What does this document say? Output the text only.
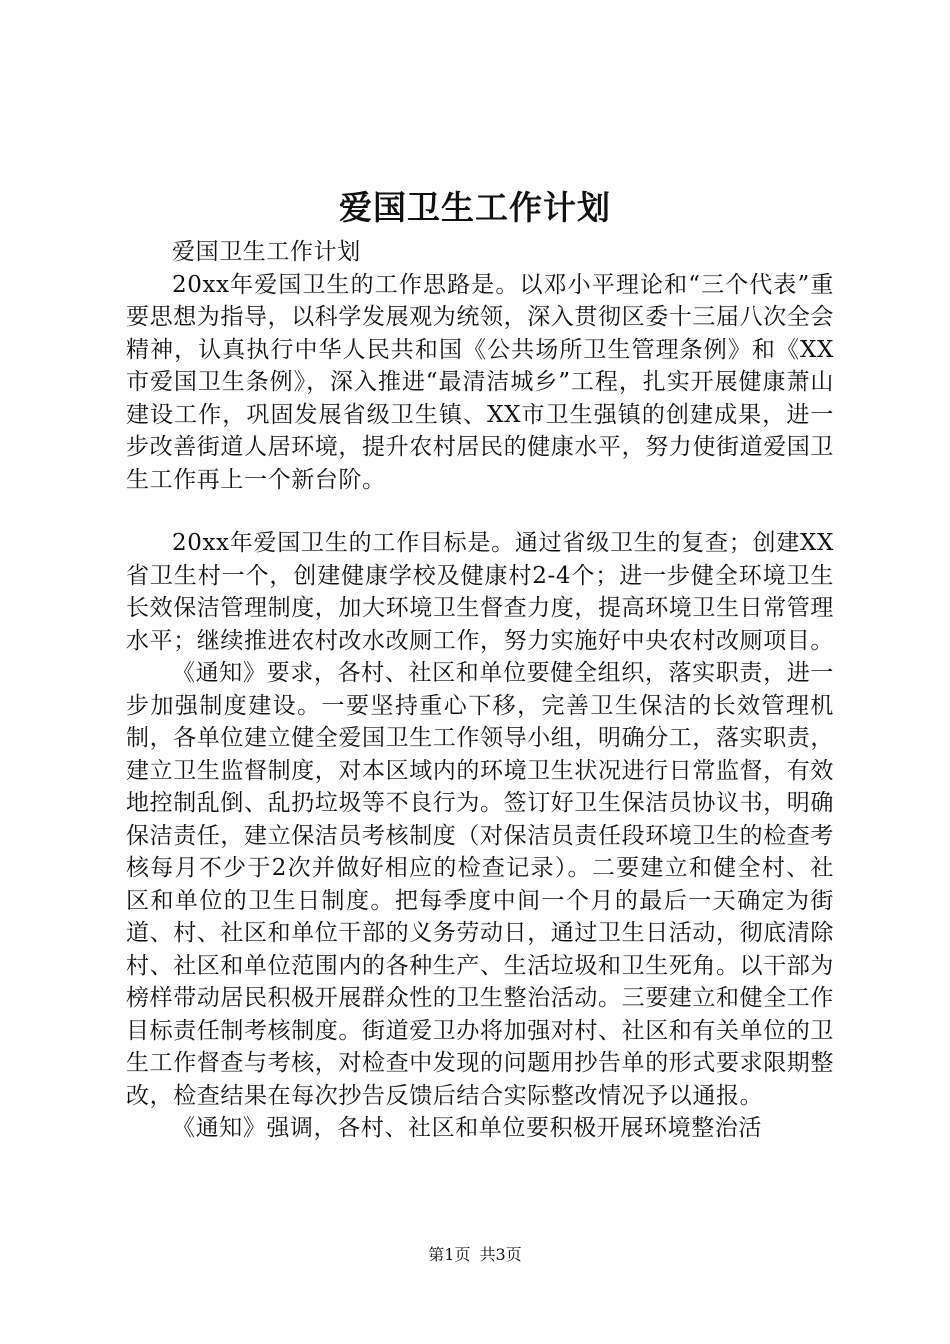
爱国卫生工作计划

爱国卫生工作计划

20xx年爱国卫生的工作思路是。以邓小平理论和“三个代表”重要思想为指导，以科学发展观为统领，深入贯彻区委十三届八次全会精神，认真执行中华人民共和国《公共场所卫生管理条例》和《XX市爱国卫生条例》，深入推进“最清洁城乡”工程，扎实开展健康萧山建设工作，巩固发展省级卫生镇、XX市卫生强镇的创建成果，进一步改善街道人居环境，提升农村居民的健康水平，努力使街道爱国卫生工作再上一个新台阶。

20xx年爱国卫生的工作目标是。通过省级卫生的复查；创建XX省卫生村一个，创建健康学校及健康村2-4个；进一步健全环境卫生长效保洁管理制度，加大环境卫生督查力度，提高环境卫生日常管理水平；继续推进农村改水改厕工作，努力实施好中央农村改厕项目。

《通知》要求，各村、社区和单位要健全组织，落实职责，进一步加强制度建设。一要坚持重心下移，完善卫生保洁的长效管理机制，各单位建立健全爱国卫生工作领导小组，明确分工，落实职责，建立卫生监督制度，对本区域内的环境卫生状况进行日常监督，有效地控制乱倒、乱扔垃圾等不良行为。签订好卫生保洁员协议书，明确保洁责任，建立保洁员考核制度（对保洁员责任段环境卫生的检查考核每月不少于2次并做好相应的检查记录）。二要建立和健全村、社区和单位的卫生日制度。把每季度中间一个月的最后一天确定为街道、村、社区和单位干部的义务劳动日，通过卫生日活动，彻底清除村、社区和单位范围内的各种生产、生活垃圾和卫生死角。以干部为榜样带动居民积极开展群众性的卫生整治活动。三要建立和健全工作目标责任制考核制度。街道爱卫办将加强对村、社区和有关单位的卫生工作督查与考核，对检查中发现的问题用抄告单的形式要求限期整改，检查结果在每次抄告反馈后结合实际整改情况予以通报。

《通知》强调，各村、社区和单位要积极开展环境整治活

第1页 共3页
